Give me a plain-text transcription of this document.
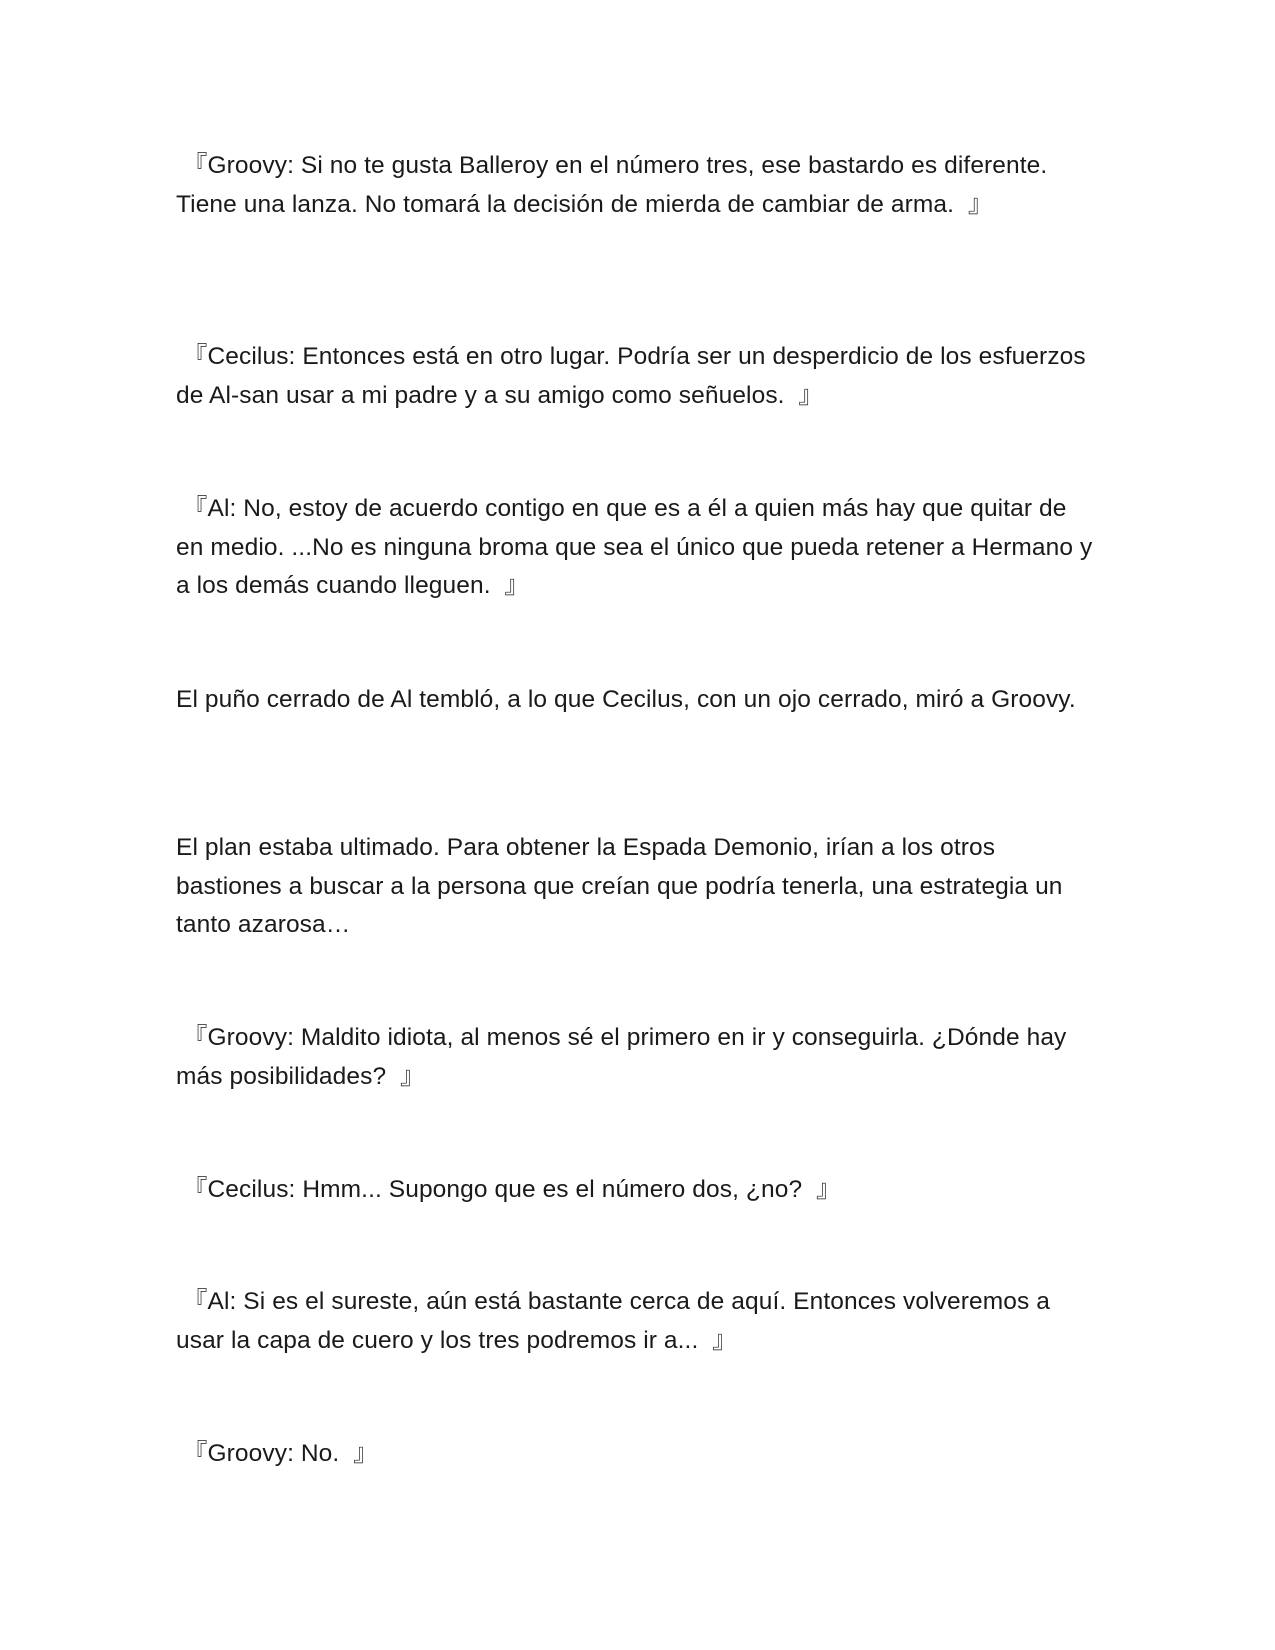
『Groovy: Si no te gusta Balleroy en el número tres, ese bastardo es diferente. Tiene una lanza. No tomará la decisión de mierda de cambiar de arma.  』

『Cecilus: Entonces está en otro lugar. Podría ser un desperdicio de los esfuerzos de Al-san usar a mi padre y a su amigo como señuelos.  』

『Al: No, estoy de acuerdo contigo en que es a él a quien más hay que quitar de en medio. ...No es ninguna broma que sea el único que pueda retener a Hermano y a los demás cuando lleguen.  』

El puño cerrado de Al tembló, a lo que Cecilus, con un ojo cerrado, miró a Groovy.

El plan estaba ultimado. Para obtener la Espada Demonio, irían a los otros bastiones a buscar a la persona que creían que podría tenerla, una estrategia un tanto azarosa…

『Groovy: Maldito idiota, al menos sé el primero en ir y conseguirla. ¿Dónde hay más posibilidades?  』

『Cecilus: Hmm... Supongo que es el número dos, ¿no?  』

『Al: Si es el sureste, aún está bastante cerca de aquí. Entonces volveremos a usar la capa de cuero y los tres podremos ir a...  』

『Groovy: No.  』
